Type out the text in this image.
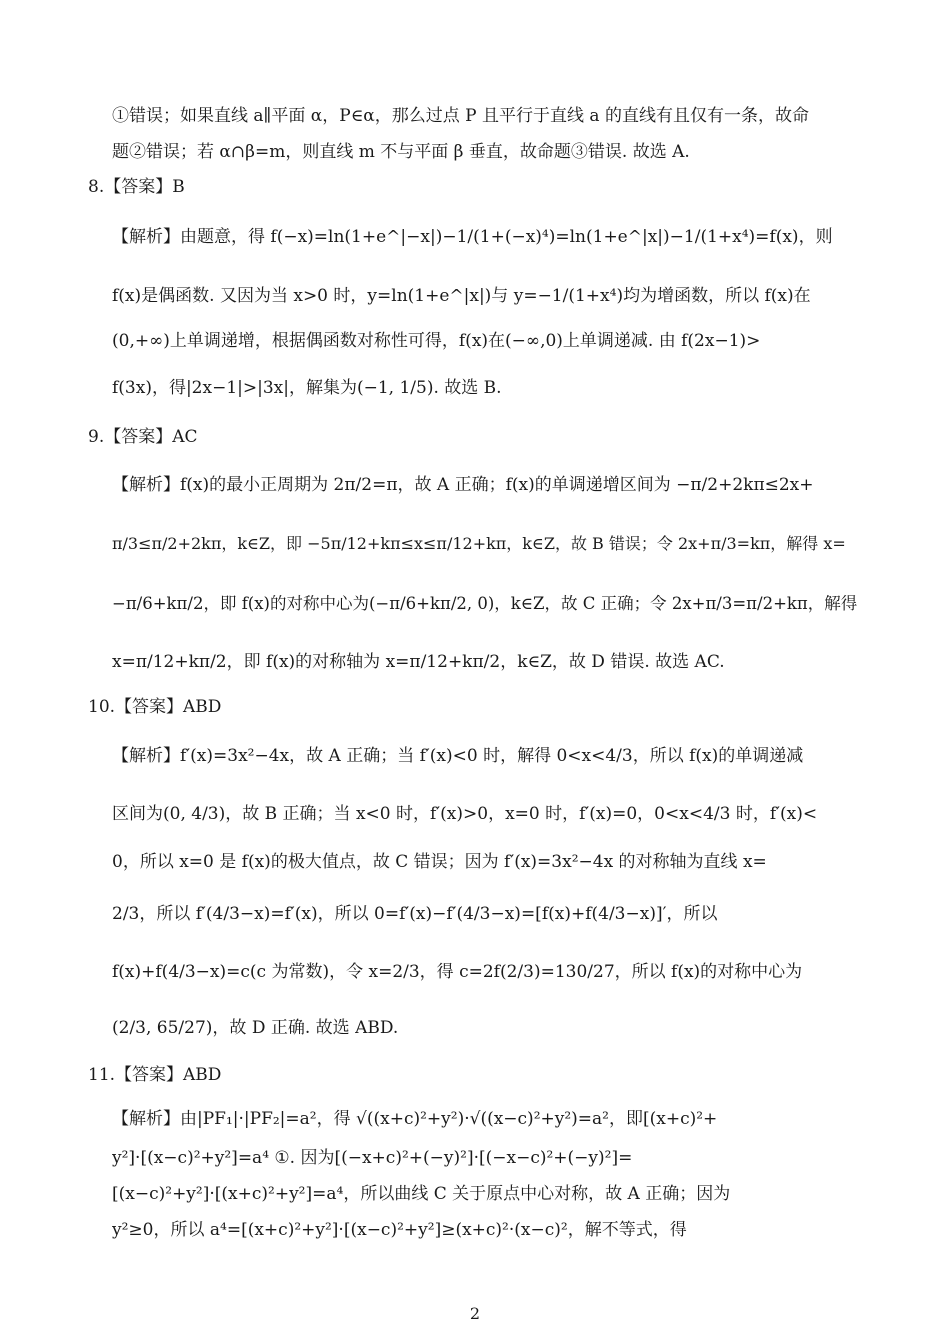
①错误；如果直线 a∥平面 α，P∈α，那么过点 P 且平行于直线 a 的直线有且仅有一条，故命
题②错误；若 α∩β=m，则直线 m 不与平面 β 垂直，故命题③错误. 故选 A.
8.【答案】B
【解析】由题意，得 f(−x)=ln(1+e^|−x|)−1/(1+(−x)⁴)=ln(1+e^|x|)−1/(1+x⁴)=f(x)，则
f(x)是偶函数. 又因为当 x>0 时，y=ln(1+e^|x|)与 y=−1/(1+x⁴)均为增函数，所以 f(x)在
(0,+∞)上单调递增，根据偶函数对称性可得，f(x)在(−∞,0)上单调递减. 由 f(2x−1)>
f(3x)，得|2x−1|>|3x|，解集为(−1, 1/5). 故选 B.
9.【答案】AC
【解析】f(x)的最小正周期为 2π/2=π，故 A 正确；f(x)的单调递增区间为 −π/2+2kπ≤2x+
π/3≤π/2+2kπ，k∈Z，即 −5π/12+kπ≤x≤π/12+kπ，k∈Z，故 B 错误；令 2x+π/3=kπ，解得 x=
−π/6+kπ/2，即 f(x)的对称中心为(−π/6+kπ/2, 0)，k∈Z，故 C 正确；令 2x+π/3=π/2+kπ，解得
x=π/12+kπ/2，即 f(x)的对称轴为 x=π/12+kπ/2，k∈Z，故 D 错误. 故选 AC.
10.【答案】ABD
【解析】f′(x)=3x²−4x，故 A 正确；当 f′(x)<0 时，解得 0<x<4/3，所以 f(x)的单调递减
区间为(0, 4/3)，故 B 正确；当 x<0 时，f′(x)>0，x=0 时，f′(x)=0，0<x<4/3 时，f′(x)<
0，所以 x=0 是 f(x)的极大值点，故 C 错误；因为 f′(x)=3x²−4x 的对称轴为直线 x=
2/3，所以 f′(4/3−x)=f′(x)，所以 0=f′(x)−f′(4/3−x)=[f(x)+f(4/3−x)]′，所以
f(x)+f(4/3−x)=c(c 为常数)，令 x=2/3，得 c=2f(2/3)=130/27，所以 f(x)的对称中心为
(2/3, 65/27)，故 D 正确. 故选 ABD.
11.【答案】ABD
【解析】由|PF₁|·|PF₂|=a²，得 √((x+c)²+y²)·√((x−c)²+y²)=a²，即[(x+c)²+
y²]·[(x−c)²+y²]=a⁴ ①. 因为[(−x+c)²+(−y)²]·[(−x−c)²+(−y)²]=
[(x−c)²+y²]·[(x+c)²+y²]=a⁴，所以曲线 C 关于原点中心对称，故 A 正确；因为
y²≥0，所以 a⁴=[(x+c)²+y²]·[(x−c)²+y²]≥(x+c)²·(x−c)²，解不等式，得
2
